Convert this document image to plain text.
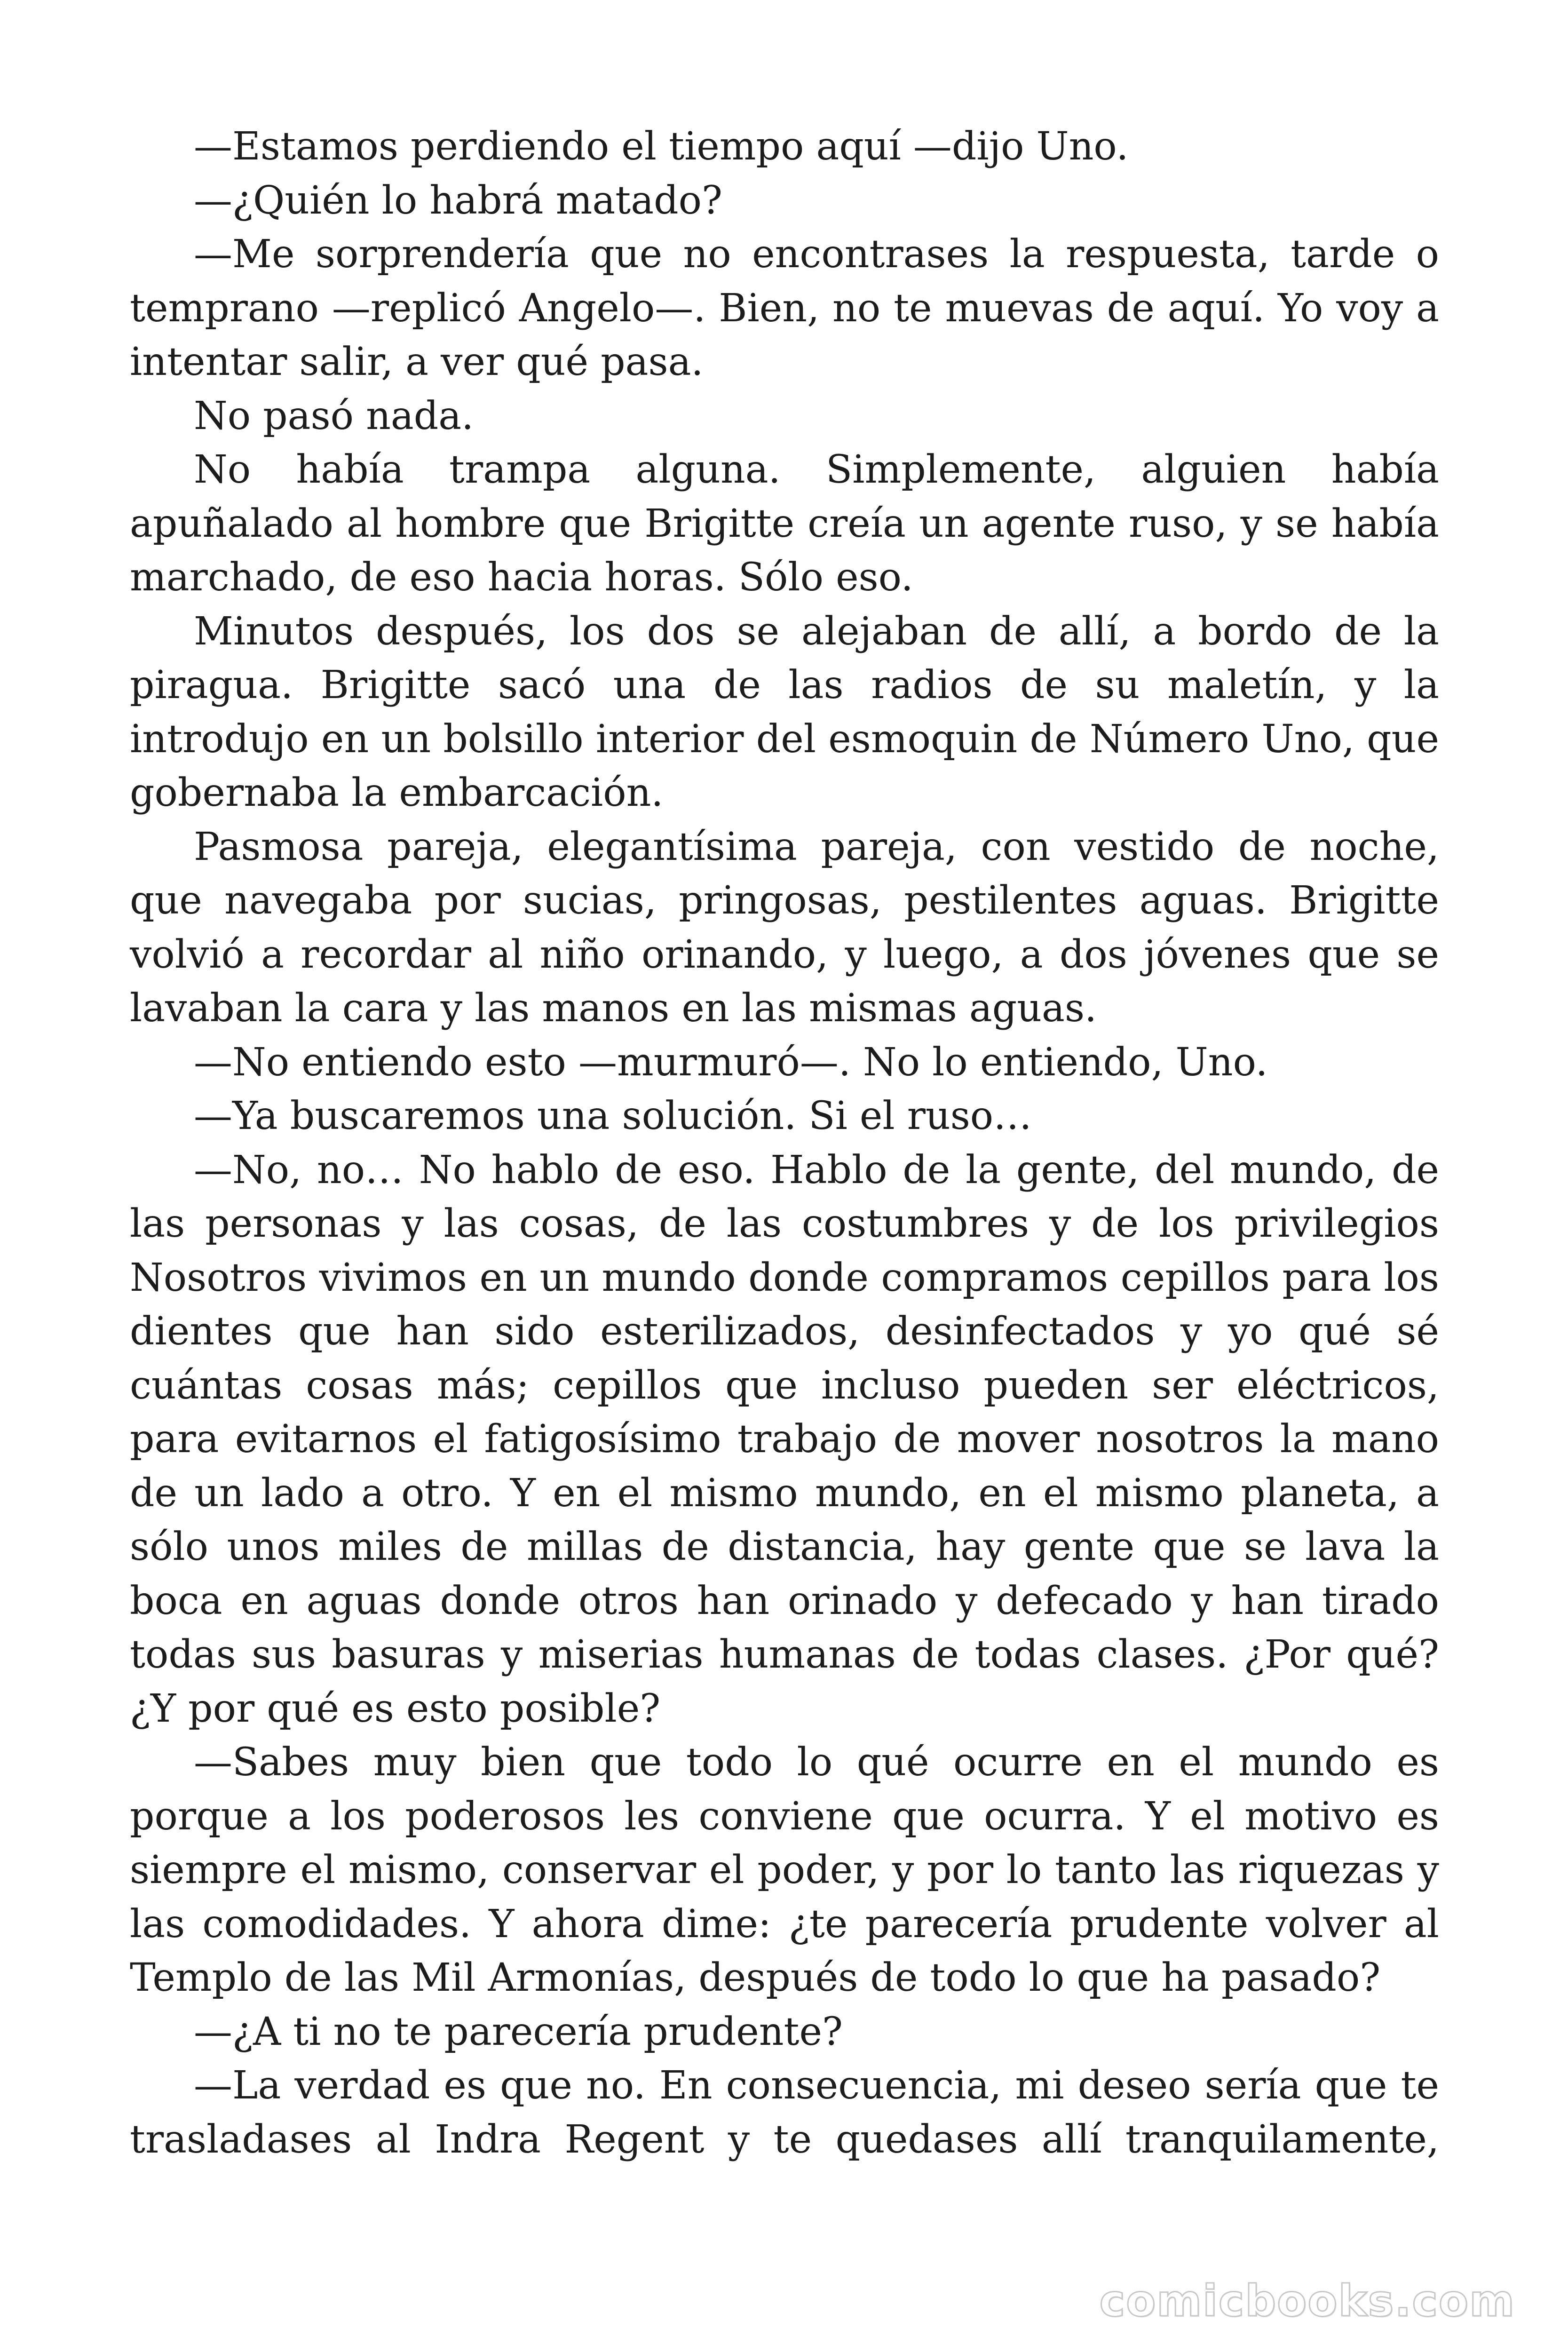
—Estamos perdiendo el tiempo aquí —dijo Uno.

—¿Quién lo habrá matado?

—Me sorprendería que no encontrases la respuesta, tarde o temprano —replicó Angelo—. Bien, no te muevas de aquí. Yo voy a intentar salir, a ver qué pasa.

No pasó nada.

No había trampa alguna. Simplemente, alguien había apuñalado al hombre que Brigitte creía un agente ruso, y se había marchado, de eso hacia horas. Sólo eso.

Minutos después, los dos se alejaban de allí, a bordo de la piragua. Brigitte sacó una de las radios de su maletín, y la introdujo en un bolsillo interior del esmoquin de Número Uno, que gobernaba la embarcación.

Pasmosa pareja, elegantísima pareja, con vestido de noche, que navegaba por sucias, pringosas, pestilentes aguas. Brigitte volvió a recordar al niño orinando, y luego, a dos jóvenes que se lavaban la cara y las manos en las mismas aguas.

—No entiendo esto —murmuró—. No lo entiendo, Uno.

—Ya buscaremos una solución. Si el ruso…

—No, no… No hablo de eso. Hablo de la gente, del mundo, de las personas y las cosas, de las costumbres y de los privilegios Nosotros vivimos en un mundo donde compramos cepillos para los dientes que han sido esterilizados, desinfectados y yo qué sé cuántas cosas más; cepillos que incluso pueden ser eléctricos, para evitarnos el fatigosísimo trabajo de mover nosotros la mano de un lado a otro. Y en el mismo mundo, en el mismo planeta, a sólo unos miles de millas de distancia, hay gente que se lava la boca en aguas donde otros han orinado y defecado y han tirado todas sus basuras y miserias humanas de todas clases. ¿Por qué? ¿Y por qué es esto posible?

—Sabes muy bien que todo lo qué ocurre en el mundo es porque a los poderosos les conviene que ocurra. Y el motivo es siempre el mismo, conservar el poder, y por lo tanto las riquezas y las comodidades. Y ahora dime: ¿te parecería prudente volver al Templo de las Mil Armonías, después de todo lo que ha pasado?

—¿A ti no te parecería prudente?

—La verdad es que no. En consecuencia, mi deseo sería que te trasladases al Indra Regent y te quedases allí tranquilamente,

comicbooks.com
